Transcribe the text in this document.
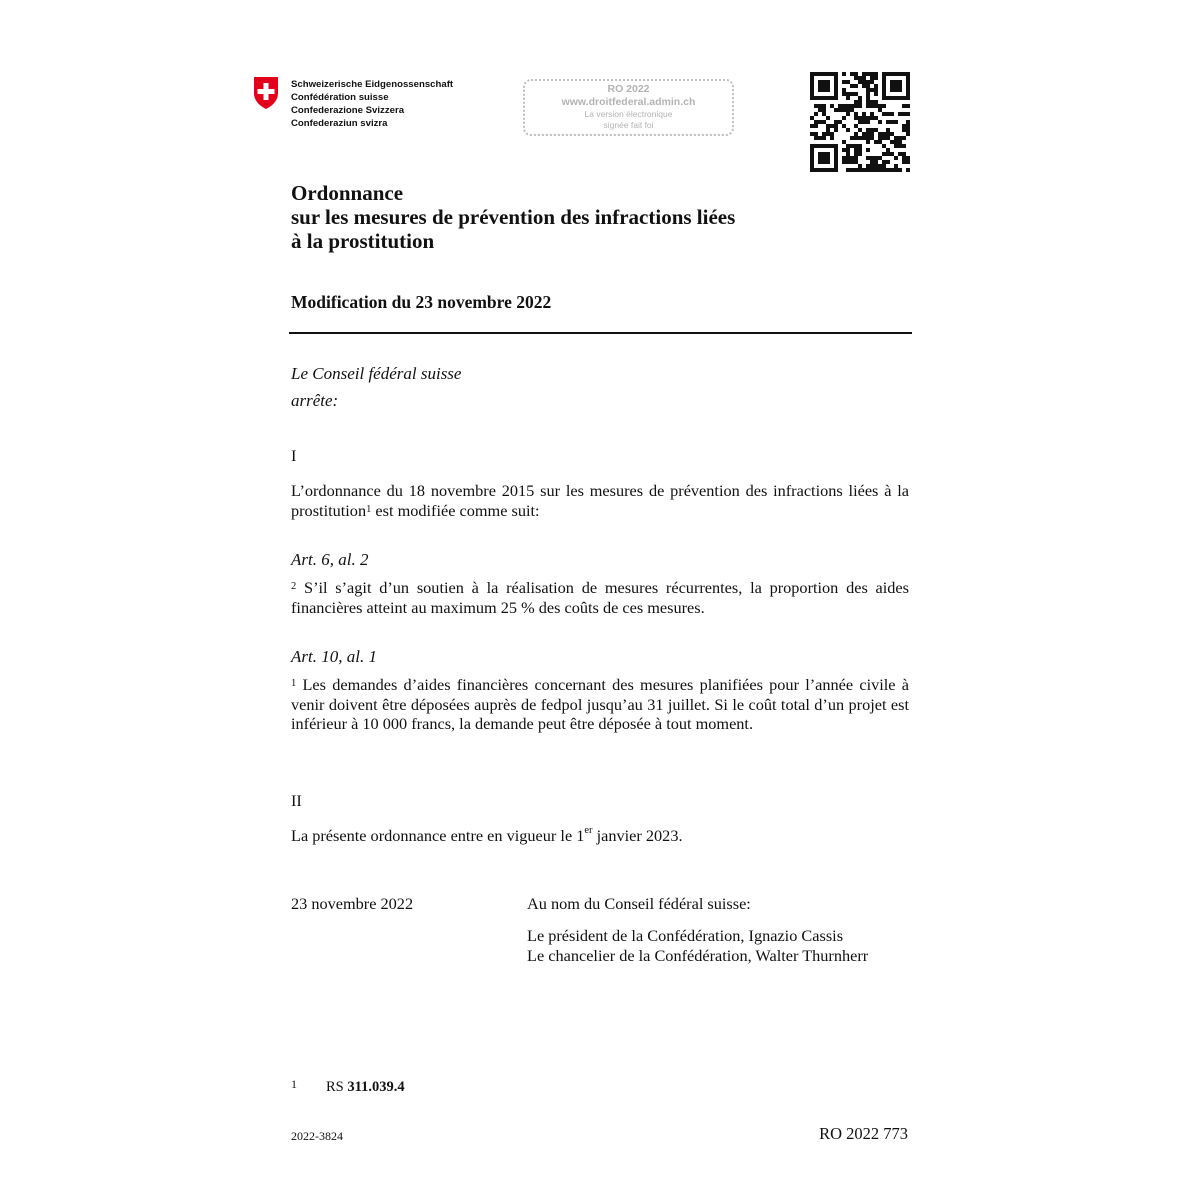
Schweizerische Eidgenossenschaft
Confédération suisse
Confederazione Svizzera
Confederaziun svizra
RO 2022
www.droitfederal.admin.ch
La version électronique
signée fait foi
Ordonnance
sur les mesures de prévention des infractions liées
à la prostitution
Modification du 23 novembre 2022
Le Conseil fédéral suisse
arrête:
I
L’ordonnance du 18 novembre 2015 sur les mesures de prévention des infractions liées à la prostitution$^1$ est modifiée comme suit:
Art. 6, al. 2
$^2$ S’il s’agit d’un soutien à la réalisation de mesures récurrentes, la proportion des aides financières atteint au maximum 25 % des coûts de ces mesures.
Art. 10, al. 1
$^1$ Les demandes d’aides financières concernant des mesures planifiées pour l’année civile à venir doivent être déposées auprès de fedpol jusqu’au 31 juillet. Si le coût total d’un projet est inférieur à 10 000 francs, la demande peut être déposée à tout moment.
II
La présente ordonnance entre en vigueur le 1er janvier 2023.
23 novembre 2022	Au nom du Conseil fédéral suisse:
Le président de la Confédération, Ignazio Cassis
Le chancelier de la Confédération, Walter Thurnherr
1 RS 311.039.4
2022-3824	RO 2022 773
